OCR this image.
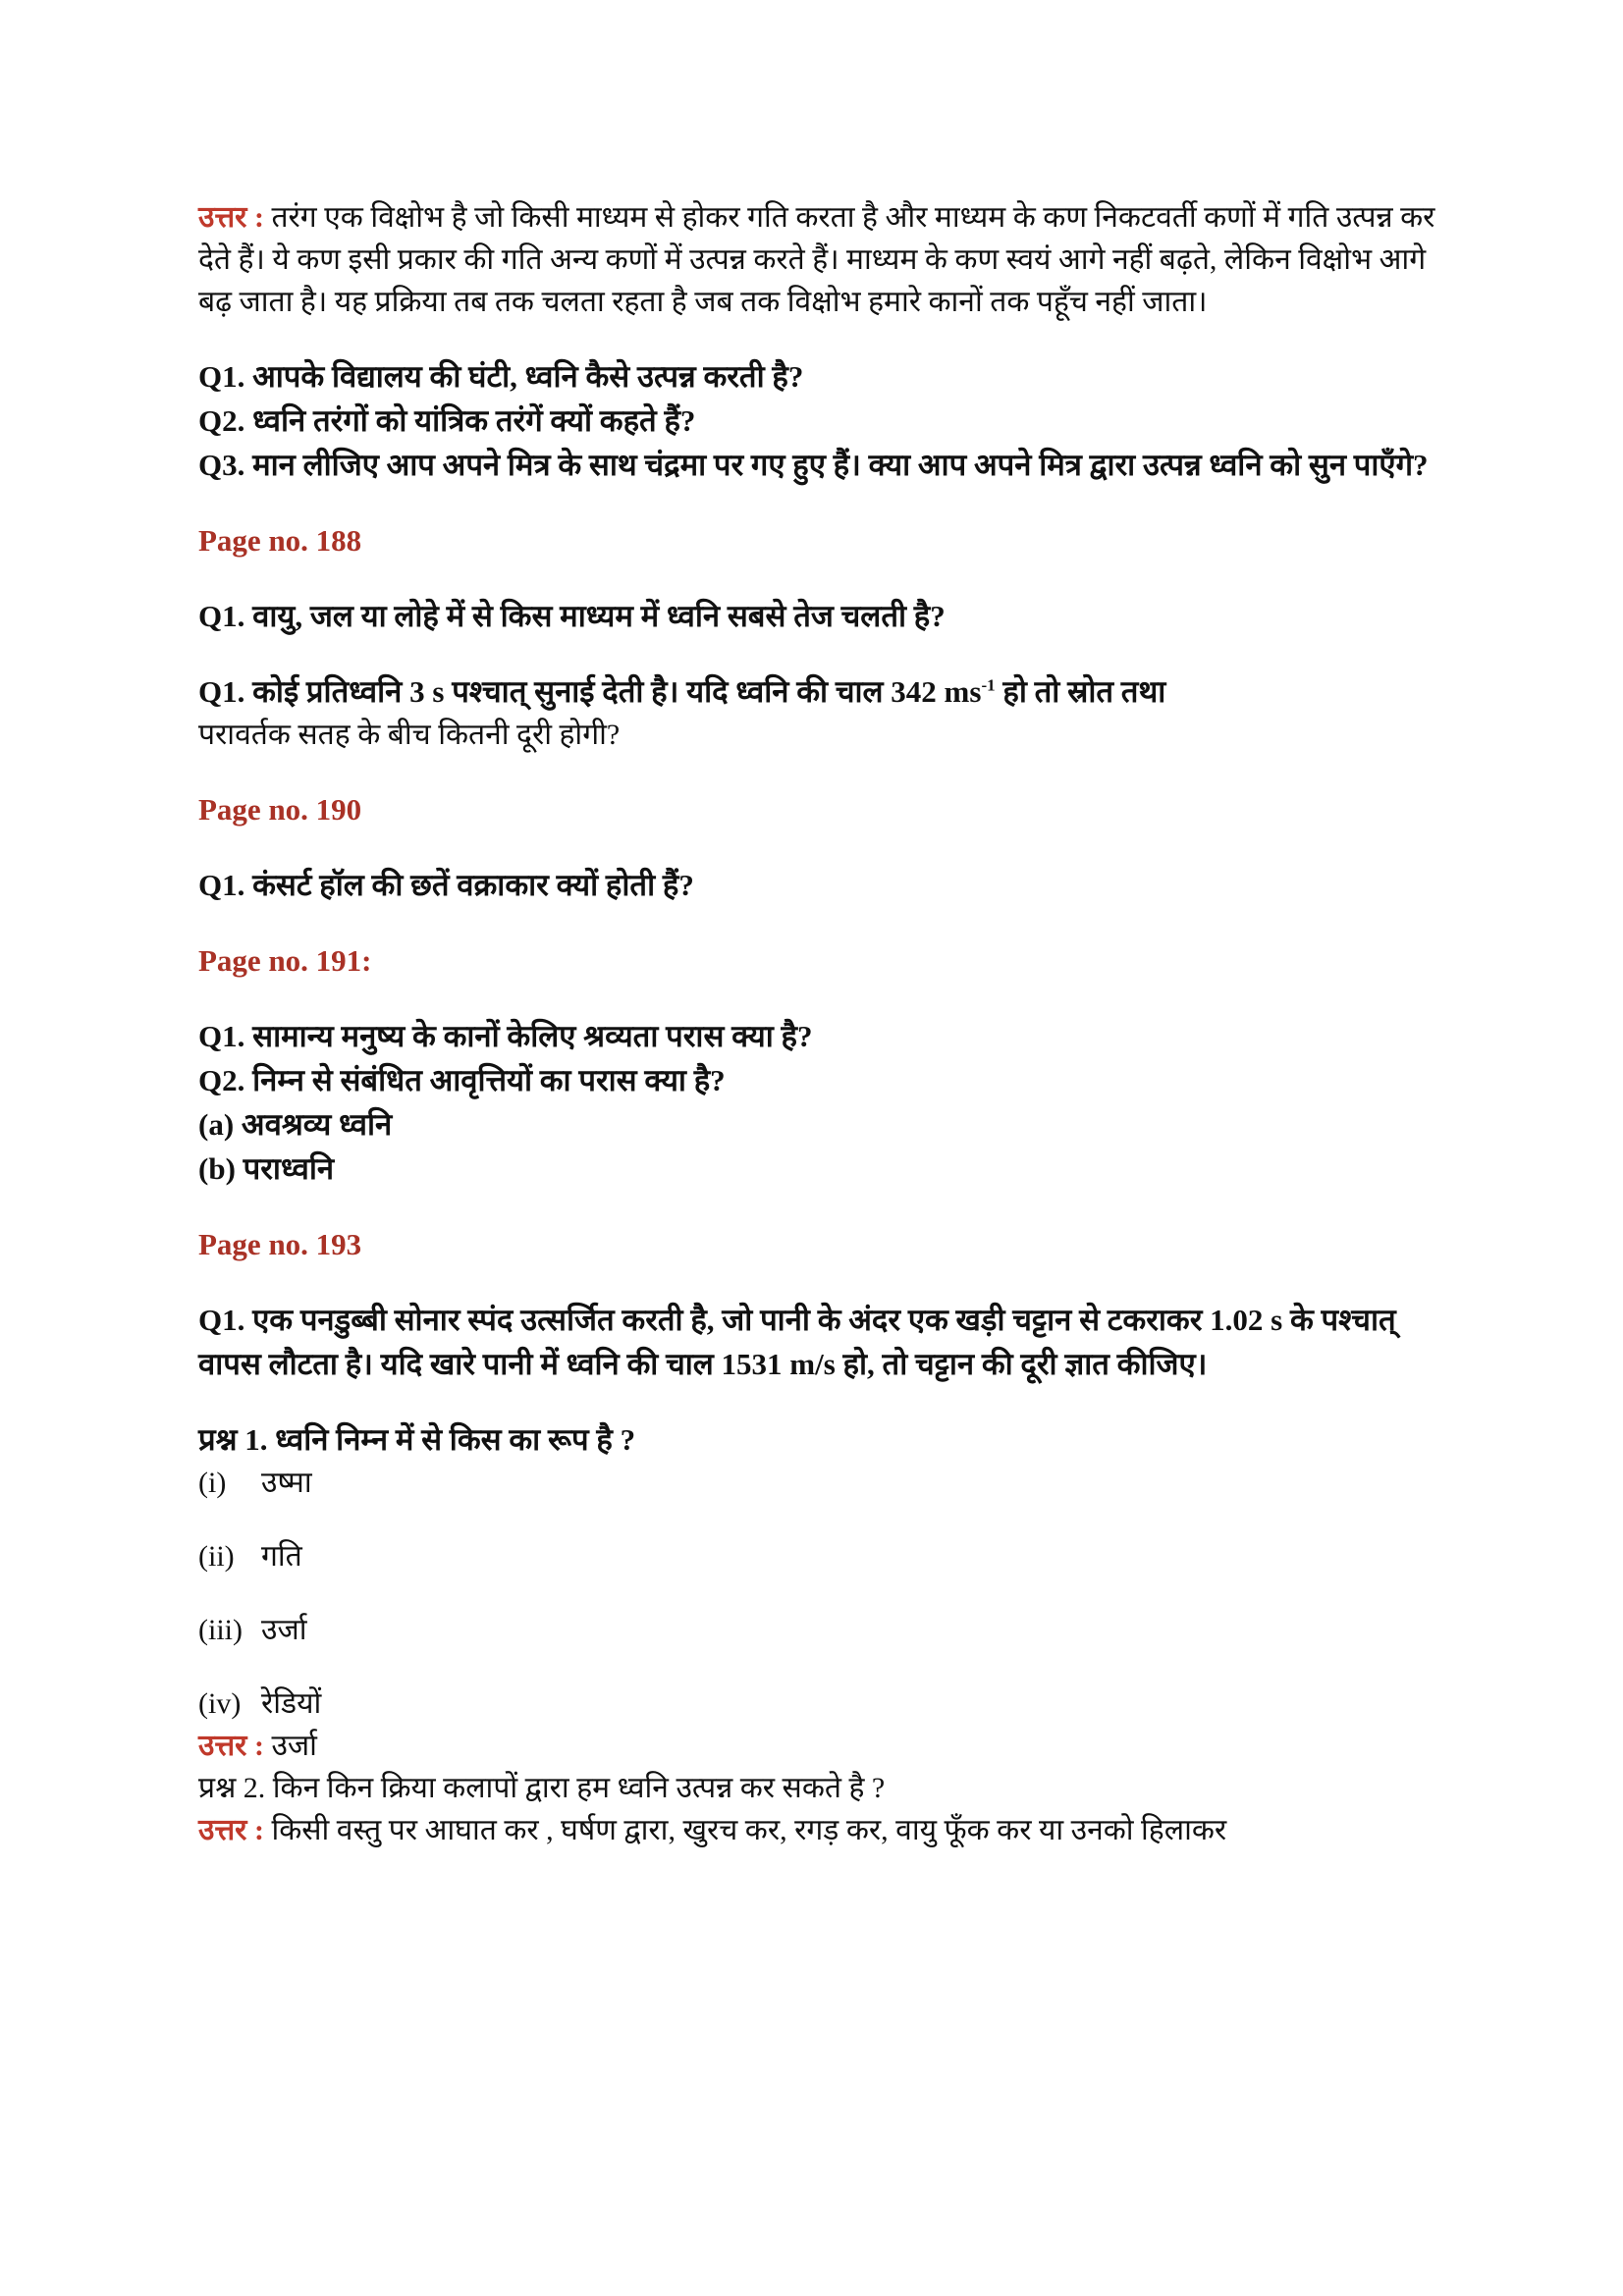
उत्तर : तरंग एक विक्षोभ है जो किसी माध्यम से होकर गति करता है और माध्यम के कण निकटवर्ती कणों में गति उत्पन्न कर देते हैं। ये कण इसी प्रकार की गति अन्य कणों में उत्पन्न करते हैं। माध्यम के कण स्वयं आगे नहीं बढ़ते, लेकिन विक्षोभ आगे बढ़ जाता है। यह प्रक्रिया तब तक चलता रहता है जब तक विक्षोभ हमारे कानों तक पहूँच नहीं जाता।

Q1. आपके विद्यालय की घंटी, ध्वनि कैसे उत्पन्न करती है?

Q2. ध्वनि तरंगों को यांत्रिक तरंगें क्यों कहते हैं?

Q3. मान लीजिए आप अपने मित्र के साथ चंद्रमा पर गए हुए हैं। क्या आप अपने मित्र द्वारा उत्पन्न ध्वनि को सुन पाएँगे?

Page no. 188

Q1. वायु, जल या लोहे में से किस माध्यम में ध्वनि सबसे तेज चलती है?

Q1. कोई प्रतिध्वनि 3 s पश्चात् सुनाई देती है। यदि ध्वनि की चाल 342 $ms^{-1}$ हो तो स्रोत तथा

परावर्तक सतह के बीच कितनी दूरी होगी?

Page no. 190

Q1. कंसर्ट हॉल की छतें वक्राकार क्यों होती हैं?

Page no. 191:

Q1. सामान्य मनुष्य के कानों केलिए श्रव्यता परास क्या है?

Q2. निम्न से संबंधित आवृत्तियों का परास क्या है?

(a) अवश्रव्य ध्वनि

(b) पराध्वनि

Page no. 193

Q1. एक पनडुब्बी सोनार स्पंद उत्सर्जित करती है, जो पानी के अंदर एक खड़ी चट्टान से टकराकर 1.02 s के पश्चात् वापस लौटता है। यदि खारे पानी में ध्वनि की चाल 1531 m/s हो, तो चट्टान की दूरी ज्ञात कीजिए।

प्रश्न 1. ध्वनि निम्न में से किस का रूप है ?

(i) उष्मा

(ii) गति

(iii) उर्जा

(iv) रेडियों

उत्तर : उर्जा

प्रश्न 2. किन किन क्रिया कलापों द्वारा हम ध्वनि उत्पन्न कर सकते है ?

उत्तर : किसी वस्तु पर आघात कर , घर्षण द्वारा, खुरच कर, रगड़ कर, वायु फूँक कर या उनको हिलाकर
